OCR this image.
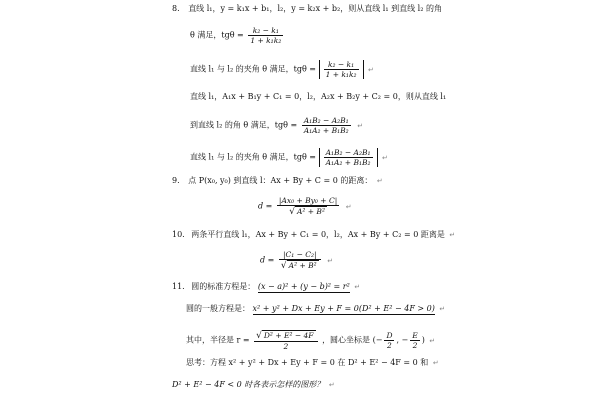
8. 直线 l₁，y = k₁x + b₁，l₂，y = k₂x + b₂，则从直线 l₁ 到直线 l₂ 的角
θ 满足，$tg\theta = \frac{\text{k₂ − k₁}}{\text{1 + k₁k₂}}$
直线 l₁ 与 l₂ 的夹角 θ 满足，$tg\theta = \frac{\text{k₂ − k₁}}{\text{1 + k₁k₂}}$ ↵
直线 l₁，A₁x + B₁y + C₁ = 0，l₂，A₂x + B₂y + C₂ = 0，则从直线 l₁
到直线 l₂ 的角 θ 满足，$tg\theta = \frac{\text{A₁B₂ − A₂B₁}}{\text{A₁A₂ + B₁B₂}}$ ↵
直线 l₁ 与 l₂ 的夹角 θ 满足，$tg\theta = \frac{\text{A₁B₂ − A₂B₁}}{\text{A₁A₂ + B₁B₂}}$ ↵
9. 点 P(x₀, y₀) 到直线 l：Ax + By + C = 0 的距离： ↵
$d = \frac{\text{|Ax₀ + By₀ + C|}}{\text{√ A² + B²}}$ ↵
10. 两条平行直线 l₁，Ax + By + C₁ = 0，l₂，Ax + By + C₂ = 0 距离是 ↵
$d = \frac{\text{|C₁ − C₂|}}{\text{√ A² + B²}}$ ↵
11. 圆的标准方程是： (x − a)² + (y − b)² = r² ↵
圆的一般方程是： x² + y² + Dx + Ey + F = 0(D² + E² − 4F > 0) ↵
其中，半径是 $r = \frac{\text{√ D² + E² − 4F}}{2}$ ，圆心坐标是 (− $\frac{D}{2}$ , − $\frac{E}{2}$ ) ↵
思考：方程 x² + y² + Dx + Ey + F = 0 在 D² + E² − 4F = 0 和 ↵
D² + E² − 4F < 0 时各表示怎样的图形？ ↵
